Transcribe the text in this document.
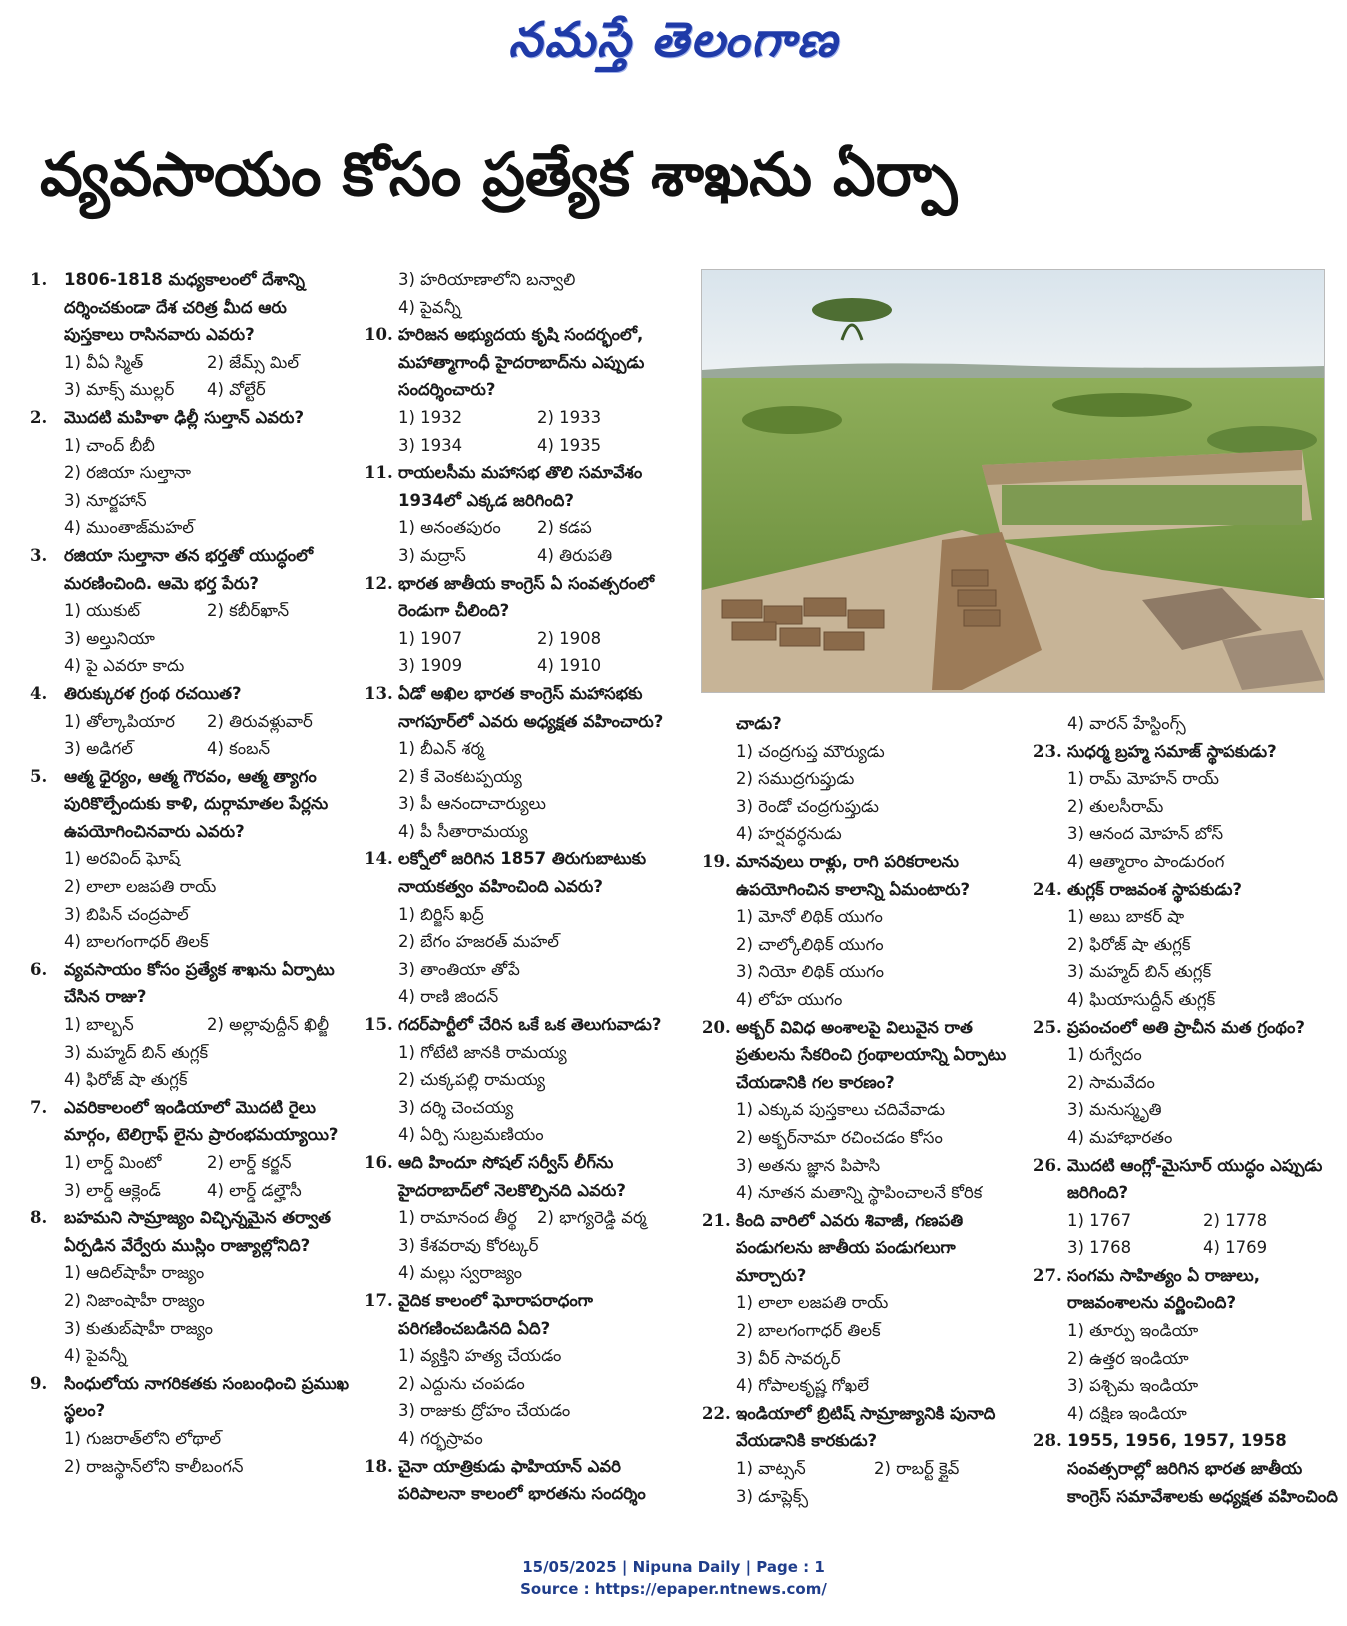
నమస్తే తెలంగాణ
వ్యవసాయం కోసం ప్రత్యేక శాఖను ఏర్పా
1. 1806-1818 మధ్యకాలంలో దేశాన్ని దర్శించకుండా దేశ చరిత్ర మీద ఆరు పుస్తకాలు రాసినవారు ఎవరు?
1) వీఏ స్మిత్	2) జేమ్స్ మిల్
3) మాక్స్ ముల్లర్	4) వోల్టేర్
2. మొదటి మహిళా ఢిల్లీ సుల్తాన్ ఎవరు?
1) చాంద్ బీబీ
2) రజియా సుల్తానా
3) నూర్జహాన్
4) ముంతాజ్‌మహల్
3. రజియా సుల్తానా తన భర్తతో యుద్ధంలో మరణించింది. ఆమె భర్త పేరు?
1) యుకుట్	2) కబీర్‌ఖాన్
3) అల్తునియా
4) పై ఎవరూ కాదు
4. తిరుక్కురళ గ్రంథ రచయిత?
1) తోల్కాపియార	2) తిరువళ్లువార్
3) అడిగల్	4) కంబన్
5. ఆత్మ ధైర్యం, ఆత్మ గౌరవం, ఆత్మ త్యాగం పురికొల్పేందుకు కాళి, దుర్గామాతల పేర్లను ఉపయోగించినవారు ఎవరు?
1) అరవింద్ ఘోష్
2) లాలా లజపతి రాయ్
3) బిపిన్ చంద్రపాల్
4) బాలగంగాధర్ తిలక్
6. వ్యవసాయం కోసం ప్రత్యేక శాఖను ఏర్పాటు చేసిన రాజు?
1) బాల్బన్	2) అల్లావుద్దీన్ ఖిల్జీ
3) మహ్మద్ బిన్ తుగ్లక్
4) ఫిరోజ్ షా తుగ్లక్
7. ఎవరికాలంలో ఇండియాలో మొదటి రైలు మార్గం, టెలిగ్రాఫ్ లైను ప్రారంభమయ్యాయి?
1) లార్డ్ మింటో	2) లార్డ్ కర్జన్
3) లార్డ్ ఆక్లెండ్	4) లార్డ్ డల్హౌసీ
8. బహమని సామ్రాజ్యం విచ్ఛిన్నమైన తర్వాత ఏర్పడిన వేర్వేరు ముస్లిం రాజ్యాల్లోనిది?
1) ఆదిల్‌షాహీ రాజ్యం
2) నిజాంషాహీ రాజ్యం
3) కుతుబ్‌షాహీ రాజ్యం
4) పైవన్నీ
9. సింధులోయ నాగరికతకు సంబంధించి ప్రముఖ స్థలం?
1) గుజరాత్‌లోని లోథాల్
2) రాజస్థాన్‌లోని కాలీబంగన్
3) హరియాణాలోని బన్వాలి
4) పైవన్నీ
10. హరిజన అభ్యుదయ కృషి సందర్భంలో, మహాత్మాగాంధీ హైదరాబాద్‌ను ఎప్పుడు సందర్శించారు?
1) 1932	2) 1933
3) 1934	4) 1935
11. రాయలసీమ మహాసభ తొలి సమావేశం 1934లో ఎక్కడ జరిగింది?
1) అనంతపురం	2) కడప
3) మద్రాస్	4) తిరుపతి
12. భారత జాతీయ కాంగ్రెస్ ఏ సంవత్సరంలో రెండుగా చీలింది?
1) 1907	2) 1908
3) 1909	4) 1910
13. ఏడో అఖిల భారత కాంగ్రెస్ మహాసభకు నాగపూర్‌లో ఎవరు అధ్యక్షత వహించారు?
1) బీఎన్ శర్మ
2) కే వెంకటప్పయ్య
3) పీ ఆనందాచార్యులు
4) పీ సీతారామయ్య
14. లక్నోలో జరిగిన 1857 తిరుగుబాటుకు నాయకత్వం వహించింది ఎవరు?
1) బిర్జిస్ ఖద్ర్
2) బేగం హజరత్ మహల్
3) తాంతియా తోపే
4) రాణి జిందన్
15. గదర్‌పార్టీలో చేరిన ఒకే ఒక తెలుగువాడు?
1) గోటేటి జానకి రామయ్య
2) చుక్కపల్లి రామయ్య
3) దర్శి చెంచయ్య
4) ఏర్పి సుబ్రమణియం
16. ఆది హిందూ సోషల్ సర్వీస్ లీగ్‌ను హైదరాబాద్‌లో నెలకొల్పినది ఎవరు?
1) రామానంద తీర్థ	2) భాగ్యరెడ్డి వర్మ
3) కేశవరావు కోరట్కర్
4) మల్లు స్వరాజ్యం
17. వైదిక కాలంలో ఘోరాపరాధంగా పరిగణించబడినది ఏది?
1) వ్యక్తిని హత్య చేయడం
2) ఎద్దును చంపడం
3) రాజుకు ద్రోహం చేయడం
4) గర్భస్రావం
18. చైనా యాత్రికుడు ఫాహియాన్ ఎవరి పరిపాలనా కాలంలో భారతను సందర్శిం
చాడు?
1) చంద్రగుప్త మౌర్యుడు
2) సముద్రగుప్తుడు
3) రెండో చంద్రగుప్తుడు
4) హర్షవర్ధనుడు
19. మానవులు రాళ్లు, రాగి పరికరాలను ఉపయోగించిన కాలాన్ని ఏమంటారు?
1) మోనో లిథిక్ యుగం
2) చాల్కోలిథిక్ యుగం
3) నియో లిథిక్ యుగం
4) లోహ యుగం
20. అక్బర్ వివిధ అంశాలపై విలువైన రాత ప్రతులను సేకరించి గ్రంథాలయాన్ని ఏర్పాటు చేయడానికి గల కారణం?
1) ఎక్కువ పుస్తకాలు చదివేవాడు
2) అక్బర్‌నామా రచించడం కోసం
3) అతను జ్ఞాన పిపాసి
4) నూతన మతాన్ని స్థాపించాలనే కోరిక
21. కింది వారిలో ఎవరు శివాజీ, గణపతి పండుగలను జాతీయ పండుగలుగా మార్చారు?
1) లాలా లజపతి రాయ్
2) బాలగంగాధర్ తిలక్
3) వీర్ సావర్కర్
4) గోపాలకృష్ణ గోఖలే
22. ఇండియాలో బ్రిటిష్ సామ్రాజ్యానికి పునాది వేయడానికి కారకుడు?
1) వాట్సన్	2) రాబర్ట్ క్లైవ్
3) డూప్లెక్స్
4) వారన్ హేస్టింగ్స్
23. సుధర్మ బ్రహ్మ సమాజ్ స్థాపకుడు?
1) రామ్ మోహన్ రాయ్
2) తులసీరామ్
3) ఆనంద మోహన్ బోస్
4) ఆత్మారాం పాండురంగ
24. తుగ్లక్ రాజవంశ స్థాపకుడు?
1) అబు బాకర్ షా
2) ఫిరోజ్ షా తుగ్లక్
3) మహ్మద్ బిన్ తుగ్లక్
4) ఘియాసుద్దీన్ తుగ్లక్
25. ప్రపంచంలో అతి ప్రాచీన మత గ్రంథం?
1) రుగ్వేదం
2) సామవేదం
3) మనుస్మృతి
4) మహాభారతం
26. మొదటి ఆంగ్లో-మైసూర్ యుద్ధం ఎప్పుడు జరిగింది?
1) 1767	2) 1778
3) 1768	4) 1769
27. సంగమ సాహిత్యం ఏ రాజులు, రాజవంశాలను వర్ణించింది?
1) తూర్పు ఇండియా
2) ఉత్తర ఇండియా
3) పశ్చిమ ఇండియా
4) దక్షిణ ఇండియా
28. 1955, 1956, 1957, 1958 సంవత్సరాల్లో జరిగిన భారత జాతీయ కాంగ్రెస్ సమావేశాలకు అధ్యక్షత వహించింది
15/05/2025 | Nipuna Daily | Page : 1
Source : https://epaper.ntnews.com/
